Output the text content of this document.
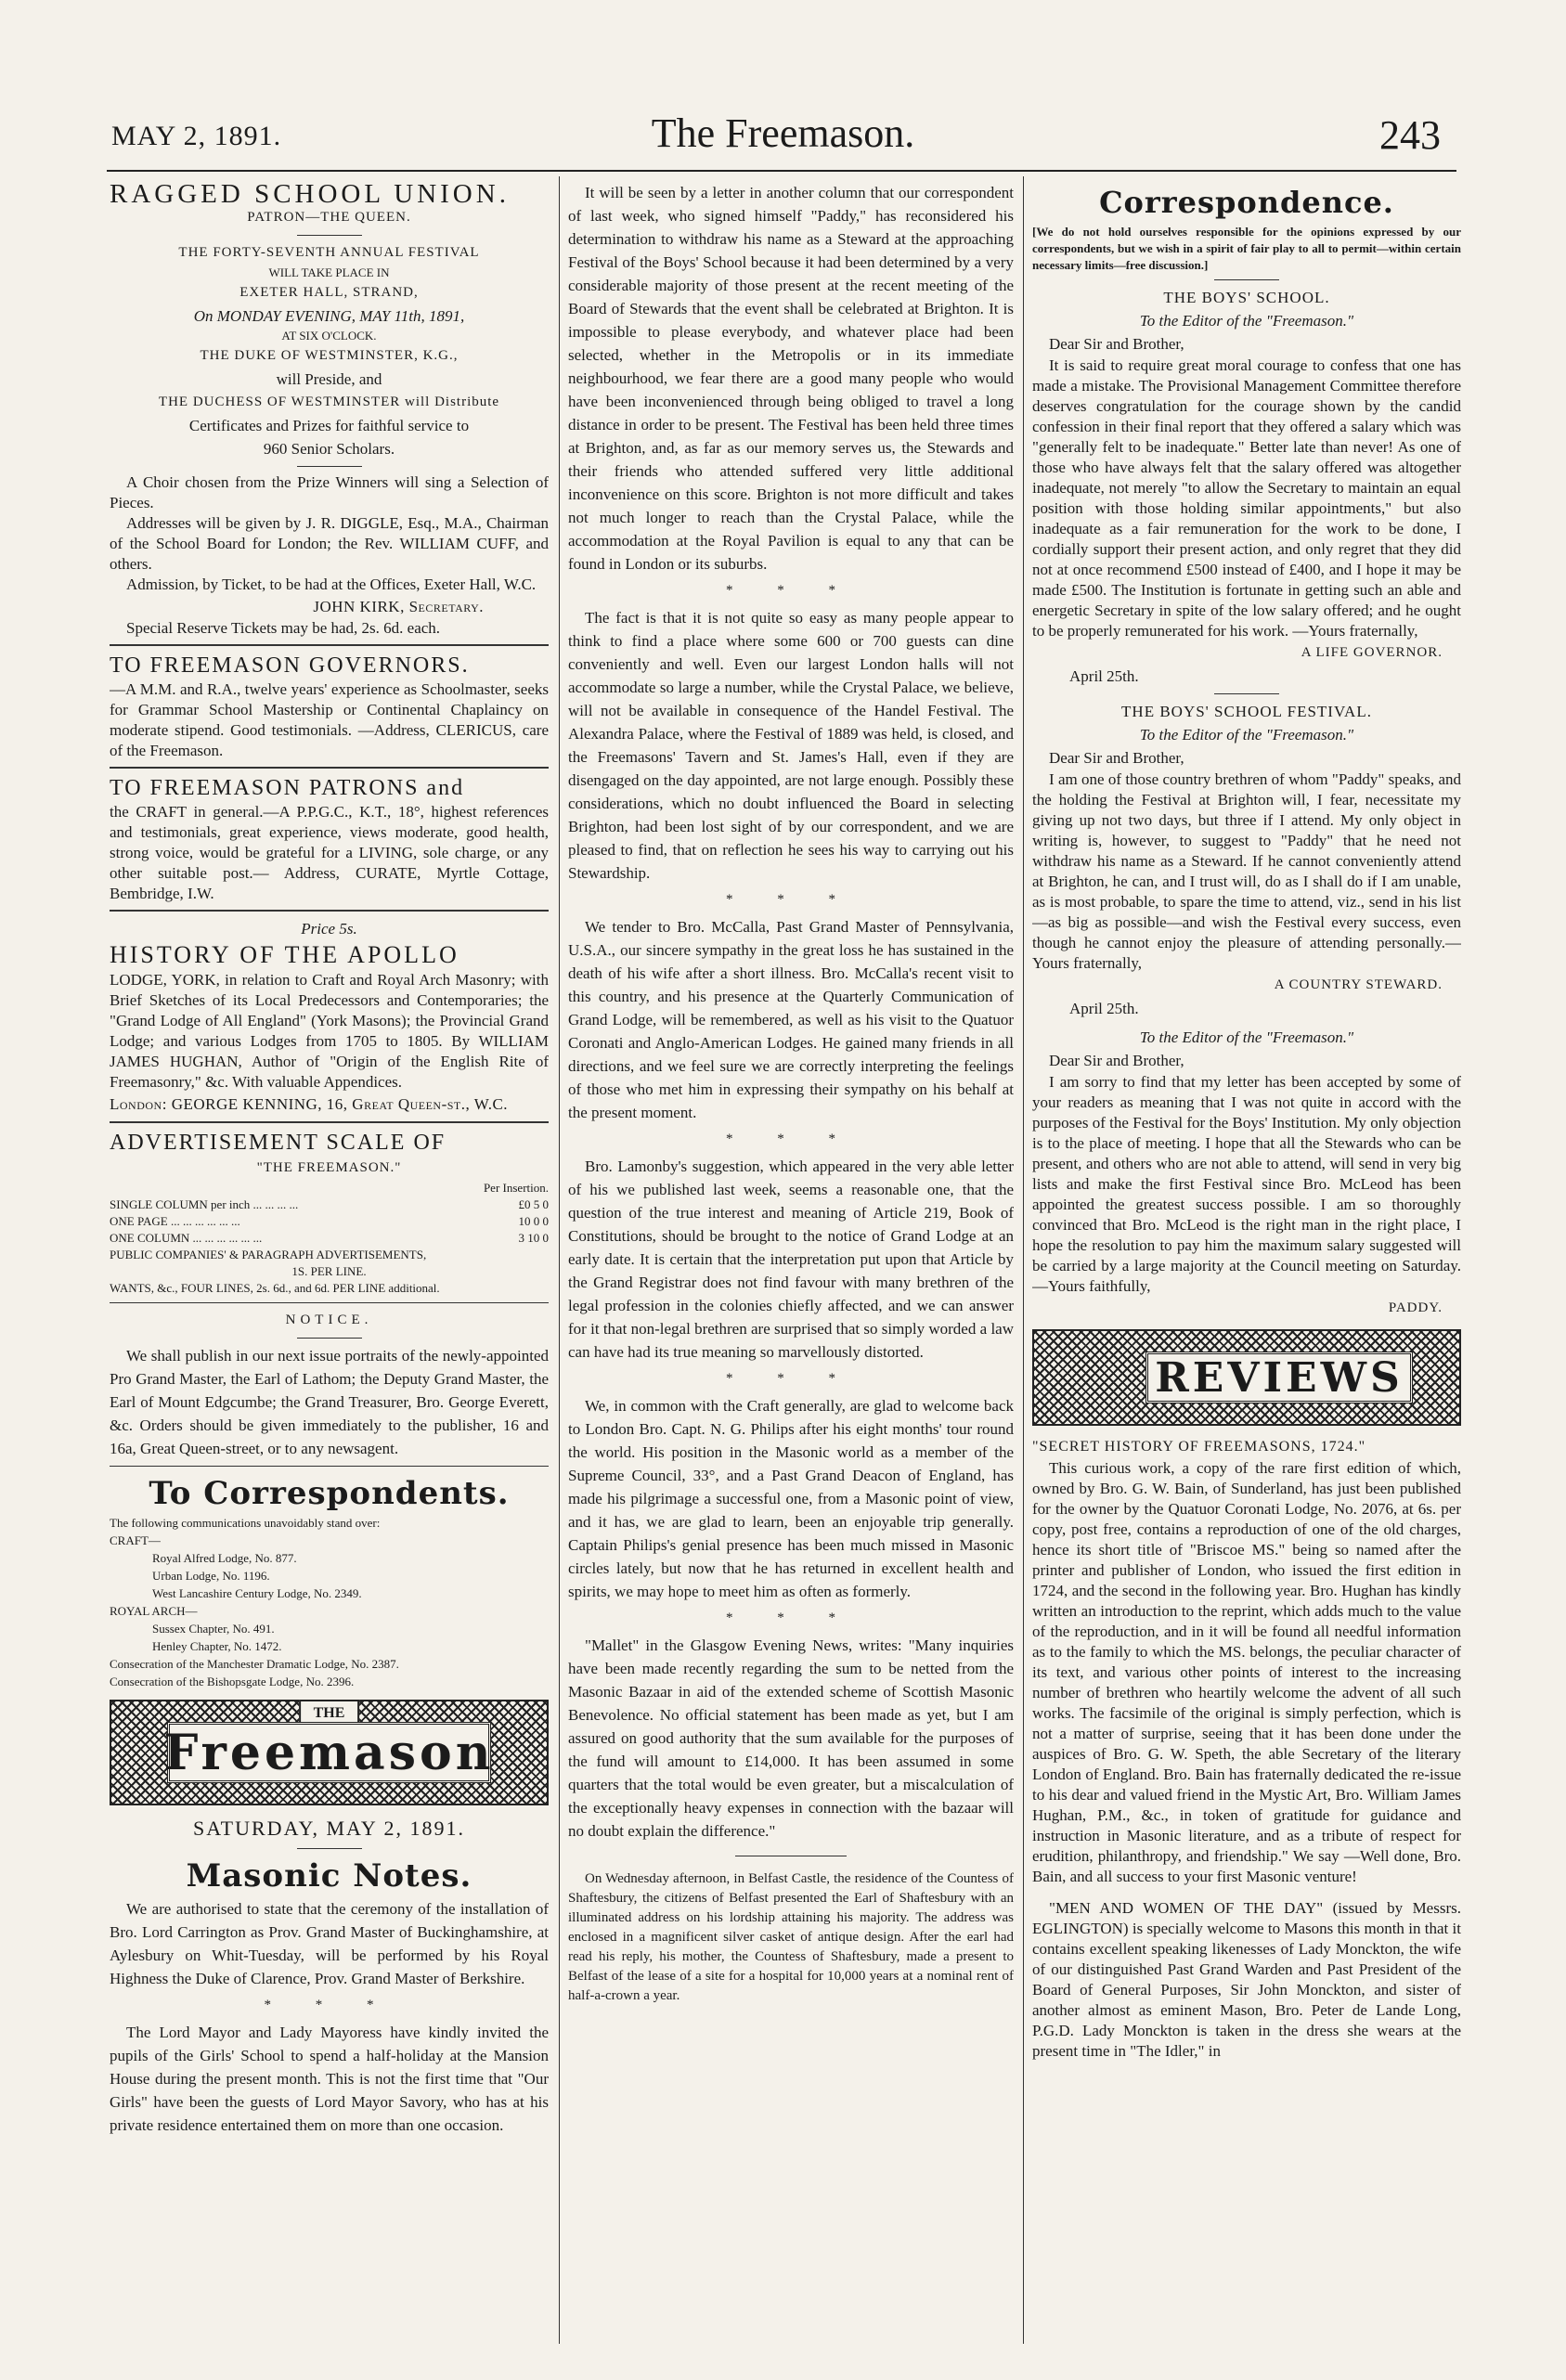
MAY 2, 1891.	The Freemason.	243

RAGGED SCHOOL UNION.

PATRON—THE QUEEN.

THE FORTY-SEVENTH ANNUAL FESTIVAL

WILL TAKE PLACE IN

EXETER HALL, STRAND,

On MONDAY EVENING, MAY 11th, 1891,

AT SIX O'CLOCK.

THE DUKE OF WESTMINSTER, K.G.,

will Preside, and

THE DUCHESS OF WESTMINSTER will Distribute

Certificates and Prizes for faithful service to

960 Senior Scholars.

A Choir chosen from the Prize Winners will sing a Selection of Pieces.

Addresses will be given by J. R. DIGGLE, Esq., M.A., Chairman of the School Board for London; the Rev. WILLIAM CUFF, and others.

Admission, by Ticket, to be had at the Offices, Exeter Hall, W.C.

JOHN KIRK, Secretary.

Special Reserve Tickets may be had, 2s. 6d. each.

TO FREEMASON GOVERNORS.

—A M.M. and R.A., twelve years' experience as Schoolmaster, seeks for Grammar School Mastership or Continental Chaplaincy on moderate stipend. Good testimonials. —Address, CLERICUS, care of the Freemason.

TO FREEMASON PATRONS and

the CRAFT in general.—A P.P.G.C., K.T., 18°, highest references and testimonials, great experience, views moderate, good health, strong voice, would be grateful for a LIVING, sole charge, or any other suitable post.— Address, CURATE, Myrtle Cottage, Bembridge, I.W.

Price 5s.

HISTORY OF THE APOLLO

LODGE, YORK, in relation to Craft and Royal Arch Masonry; with Brief Sketches of its Local Predecessors and Contemporaries; the "Grand Lodge of All England" (York Masons); the Provincial Grand Lodge; and various Lodges from 1705 to 1805. By WILLIAM JAMES HUGHAN, Author of "Origin of the English Rite of Freemasonry," &c. With valuable Appendices.

London: GEORGE KENNING, 16, Great Queen-st., W.C.

ADVERTISEMENT SCALE OF

"THE FREEMASON."

Per Insertion.

SINGLE COLUMN per inch ... ... ... ...	£0 5 0
ONE PAGE ... ... ... ... ... ...	10 0 0
ONE COLUMN ... ... ... ... ... ...	3 10 0

PUBLIC COMPANIES' & PARAGRAPH ADVERTISEMENTS,

1S. PER LINE.

WANTS, &c., FOUR LINES, 2s. 6d., and 6d. PER LINE additional.

NOTICE.

We shall publish in our next issue portraits of the newly-appointed Pro Grand Master, the Earl of Lathom; the Deputy Grand Master, the Earl of Mount Edgcumbe; the Grand Treasurer, Bro. George Everett, &c. Orders should be given immediately to the publisher, 16 and 16a, Great Queen-street, or to any newsagent.

To Correspondents.

The following communications unavoidably stand over:

CRAFT—

Royal Alfred Lodge, No. 877.

Urban Lodge, No. 1196.

West Lancashire Century Lodge, No. 2349.

ROYAL ARCH—

Sussex Chapter, No. 491.

Henley Chapter, No. 1472.

Consecration of the Manchester Dramatic Lodge, No. 2387.

Consecration of the Bishopsgate Lodge, No. 2396.

THE
Freemason

SATURDAY, MAY 2, 1891.

Masonic Notes.

We are authorised to state that the ceremony of the installation of Bro. Lord Carrington as Prov. Grand Master of Buckinghamshire, at Aylesbury on Whit-Tuesday, will be performed by his Royal Highness the Duke of Clarence, Prov. Grand Master of Berkshire.

* * *

The Lord Mayor and Lady Mayoress have kindly invited the pupils of the Girls' School to spend a half-holiday at the Mansion House during the present month. This is not the first time that "Our Girls" have been the guests of Lord Mayor Savory, who has at his private residence entertained them on more than one occasion.

It will be seen by a letter in another column that our correspondent of last week, who signed himself "Paddy," has reconsidered his determination to withdraw his name as a Steward at the approaching Festival of the Boys' School because it had been determined by a very considerable majority of those present at the recent meeting of the Board of Stewards that the event shall be celebrated at Brighton. It is impossible to please everybody, and whatever place had been selected, whether in the Metropolis or in its immediate neighbourhood, we fear there are a good many people who would have been inconvenienced through being obliged to travel a long distance in order to be present. The Festival has been held three times at Brighton, and, as far as our memory serves us, the Stewards and their friends who attended suffered very little additional inconvenience on this score. Brighton is not more difficult and takes not much longer to reach than the Crystal Palace, while the accommodation at the Royal Pavilion is equal to any that can be found in London or its suburbs.

* * *

The fact is that it is not quite so easy as many people appear to think to find a place where some 600 or 700 guests can dine conveniently and well. Even our largest London halls will not accommodate so large a number, while the Crystal Palace, we believe, will not be available in consequence of the Handel Festival. The Alexandra Palace, where the Festival of 1889 was held, is closed, and the Freemasons' Tavern and St. James's Hall, even if they are disengaged on the day appointed, are not large enough. Possibly these considerations, which no doubt influenced the Board in selecting Brighton, had been lost sight of by our correspondent, and we are pleased to find, that on reflection he sees his way to carrying out his Stewardship.

* * *

We tender to Bro. McCalla, Past Grand Master of Pennsylvania, U.S.A., our sincere sympathy in the great loss he has sustained in the death of his wife after a short illness. Bro. McCalla's recent visit to this country, and his presence at the Quarterly Communication of Grand Lodge, will be remembered, as well as his visit to the Quatuor Coronati and Anglo-American Lodges. He gained many friends in all directions, and we feel sure we are correctly interpreting the feelings of those who met him in expressing their sympathy on his behalf at the present moment.

* * *

Bro. Lamonby's suggestion, which appeared in the very able letter of his we published last week, seems a reasonable one, that the question of the true interest and meaning of Article 219, Book of Constitutions, should be brought to the notice of Grand Lodge at an early date. It is certain that the interpretation put upon that Article by the Grand Registrar does not find favour with many brethren of the legal profession in the colonies chiefly affected, and we can answer for it that non-legal brethren are surprised that so simply worded a law can have had its true meaning so marvellously distorted.

* * *

We, in common with the Craft generally, are glad to welcome back to London Bro. Capt. N. G. Philips after his eight months' tour round the world. His position in the Masonic world as a member of the Supreme Council, 33°, and a Past Grand Deacon of England, has made his pilgrimage a successful one, from a Masonic point of view, and it has, we are glad to learn, been an enjoyable trip generally. Captain Philips's genial presence has been much missed in Masonic circles lately, but now that he has returned in excellent health and spirits, we may hope to meet him as often as formerly.

* * *

"Mallet" in the Glasgow Evening News, writes: "Many inquiries have been made recently regarding the sum to be netted from the Masonic Bazaar in aid of the extended scheme of Scottish Masonic Benevolence. No official statement has been made as yet, but I am assured on good authority that the sum available for the purposes of the fund will amount to £14,000. It has been assumed in some quarters that the total would be even greater, but a miscalculation of the exceptionally heavy expenses in connection with the bazaar will no doubt explain the difference."

On Wednesday afternoon, in Belfast Castle, the residence of the Countess of Shaftesbury, the citizens of Belfast presented the Earl of Shaftesbury with an illuminated address on his lordship attaining his majority. The address was enclosed in a magnificent silver casket of antique design. After the earl had read his reply, his mother, the Countess of Shaftesbury, made a present to Belfast of the lease of a site for a hospital for 10,000 years at a nominal rent of half-a-crown a year.

Correspondence.

[We do not hold ourselves responsible for the opinions expressed by our correspondents, but we wish in a spirit of fair play to all to permit—within certain necessary limits—free discussion.]

THE BOYS' SCHOOL.

To the Editor of the "Freemason."

Dear Sir and Brother,

It is said to require great moral courage to confess that one has made a mistake. The Provisional Management Committee therefore deserves congratulation for the courage shown by the candid confession in their final report that they offered a salary which was "generally felt to be inadequate." Better late than never! As one of those who have always felt that the salary offered was altogether inadequate, not merely "to allow the Secretary to maintain an equal position with those holding similar appointments," but also inadequate as a fair remuneration for the work to be done, I cordially support their present action, and only regret that they did not at once recommend £500 instead of £400, and I hope it may be made £500. The Institution is fortunate in getting such an able and energetic Secretary in spite of the low salary offered; and he ought to be properly remunerated for his work. —Yours fraternally,

A LIFE GOVERNOR.

April 25th.

THE BOYS' SCHOOL FESTIVAL.

To the Editor of the "Freemason."

Dear Sir and Brother,

I am one of those country brethren of whom "Paddy" speaks, and the holding the Festival at Brighton will, I fear, necessitate my giving up not two days, but three if I attend. My only object in writing is, however, to suggest to "Paddy" that he need not withdraw his name as a Steward. If he cannot conveniently attend at Brighton, he can, and I trust will, do as I shall do if I am unable, as is most probable, to spare the time to attend, viz., send in his list—as big as possible—and wish the Festival every success, even though he cannot enjoy the pleasure of attending personally.—Yours fraternally,

A COUNTRY STEWARD.

April 25th.

To the Editor of the "Freemason."

Dear Sir and Brother,

I am sorry to find that my letter has been accepted by some of your readers as meaning that I was not quite in accord with the purposes of the Festival for the Boys' Institution. My only objection is to the place of meeting. I hope that all the Stewards who can be present, and others who are not able to attend, will send in very big lists and make the first Festival since Bro. McLeod has been appointed the greatest success possible. I am so thoroughly convinced that Bro. McLeod is the right man in the right place, I hope the resolution to pay him the maximum salary suggested will be carried by a large majority at the Council meeting on Saturday.—Yours faithfully,

PADDY.

REVIEWS

"SECRET HISTORY OF FREEMASONS, 1724."

This curious work, a copy of the rare first edition of which, owned by Bro. G. W. Bain, of Sunderland, has just been published for the owner by the Quatuor Coronati Lodge, No. 2076, at 6s. per copy, post free, contains a reproduction of one of the old charges, hence its short title of "Briscoe MS." being so named after the printer and publisher of London, who issued the first edition in 1724, and the second in the following year. Bro. Hughan has kindly written an introduction to the reprint, which adds much to the value of the reproduction, and in it will be found all needful information as to the family to which the MS. belongs, the peculiar character of its text, and various other points of interest to the increasing number of brethren who heartily welcome the advent of all such works. The facsimile of the original is simply perfection, which is not a matter of surprise, seeing that it has been done under the auspices of Bro. G. W. Speth, the able Secretary of the literary London of England. Bro. Bain has fraternally dedicated the re-issue to his dear and valued friend in the Mystic Art, Bro. William James Hughan, P.M., &c., in token of gratitude for guidance and instruction in Masonic literature, and as a tribute of respect for erudition, philanthropy, and friendship." We say —Well done, Bro. Bain, and all success to your first Masonic venture!

"MEN AND WOMEN OF THE DAY" (issued by Messrs. EGLINGTON) is specially welcome to Masons this month in that it contains excellent speaking likenesses of Lady Monckton, the wife of our distinguished Past Grand Warden and Past President of the Board of General Purposes, Sir John Monckton, and sister of another almost as eminent Mason, Bro. Peter de Lande Long, P.G.D. Lady Monckton is taken in the dress she wears at the present time in "The Idler," in
